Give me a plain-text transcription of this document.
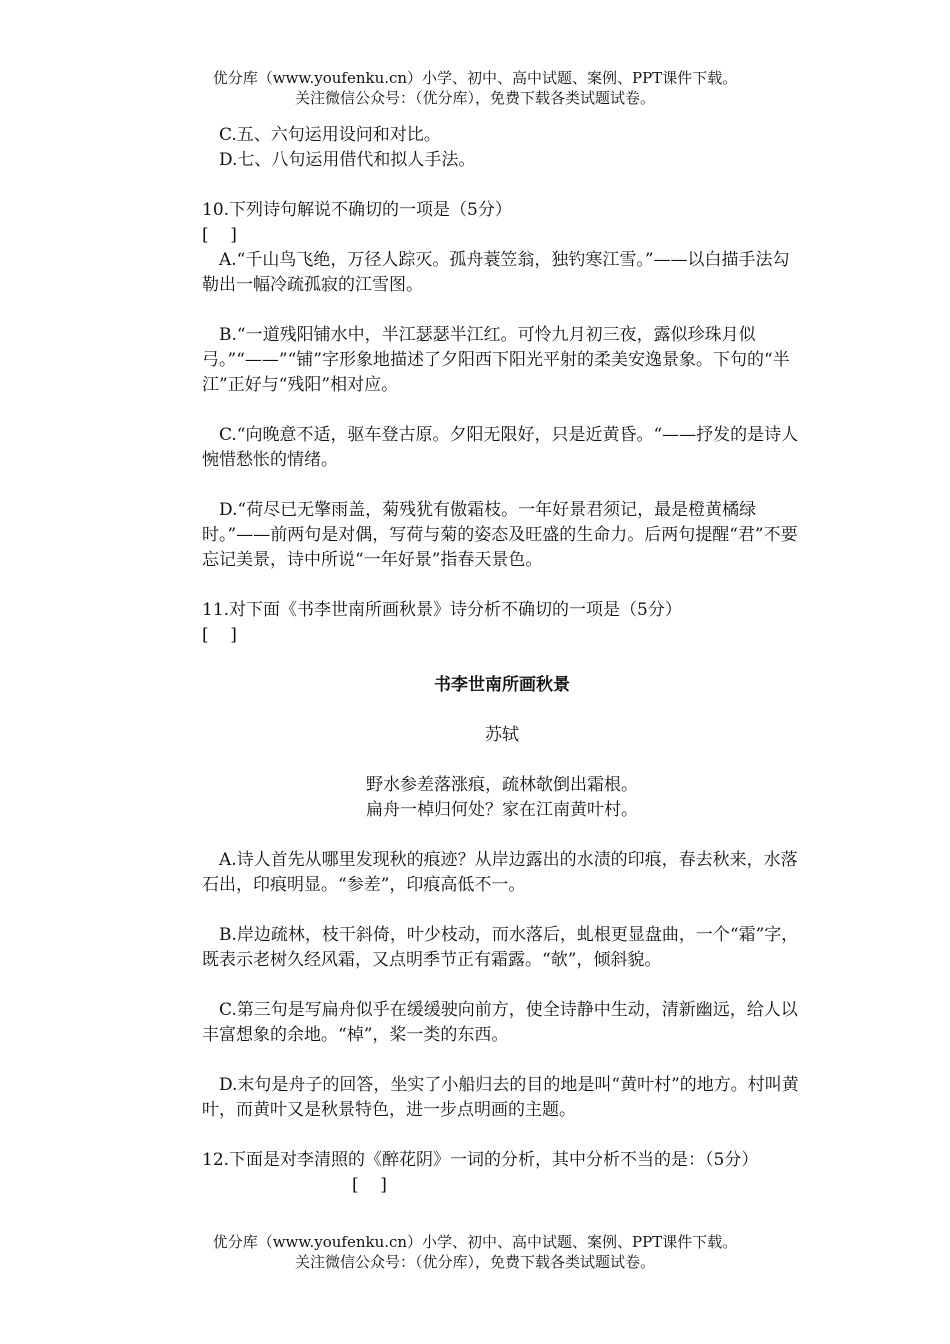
优分库（www.youfenku.cn）小学、初中、高中试题、案例、PPT课件下载。
关注微信公众号：（优分库），免费下载各类试题试卷。

C.五、六句运用设问和对比。

D.七、八句运用借代和拟人手法。

10.下列诗句解说不确切的一项是（5分）

[    ]

A.“千山鸟飞绝，万径人踪灭。孤舟蓑笠翁，独钓寒江雪。”——以白描手法勾勒出一幅冷疏孤寂的江雪图。

B.“一道残阳铺水中，半江瑟瑟半江红。可怜九月初三夜，露似珍珠月似弓。”“——”“铺”字形象地描述了夕阳西下阳光平射的柔美安逸景象。下句的“半江”正好与“残阳”相对应。

C.“向晚意不适，驱车登古原。夕阳无限好，只是近黄昏。“——抒发的是诗人惋惜愁怅的情绪。

D.“荷尽已无擎雨盖，菊残犹有傲霜枝。一年好景君须记，最是橙黄橘绿时。”——前两句是对偶，写荷与菊的姿态及旺盛的生命力。后两句提醒“君”不要忘记美景，诗中所说“一年好景”指春天景色。

11.对下面《书李世南所画秋景》诗分析不确切的一项是（5分）

[    ]

书李世南所画秋景

苏轼

野水参差落涨痕，疏林欹倒出霜根。

扁舟一棹归何处？家在江南黄叶村。

A.诗人首先从哪里发现秋的痕迹？从岸边露出的水渍的印痕，春去秋来，水落石出，印痕明显。“参差”，印痕高低不一。

B.岸边疏林，枝干斜倚，叶少枝动，而水落后，虬根更显盘曲，一个“霜”字，既表示老树久经风霜，又点明季节正有霜露。“欹”，倾斜貌。

C.第三句是写扁舟似乎在缓缓驶向前方，使全诗静中生动，清新幽远，给人以丰富想象的余地。“棹”，桨一类的东西。

D.末句是舟子的回答，坐实了小船归去的目的地是叫“黄叶村”的地方。村叫黄叶，而黄叶又是秋景特色，进一步点明画的主题。

12.下面是对李清照的《醉花阴》一词的分析，其中分析不当的是：（5分）[    ]

优分库（www.youfenku.cn）小学、初中、高中试题、案例、PPT课件下载。
关注微信公众号：（优分库），免费下载各类试题试卷。
